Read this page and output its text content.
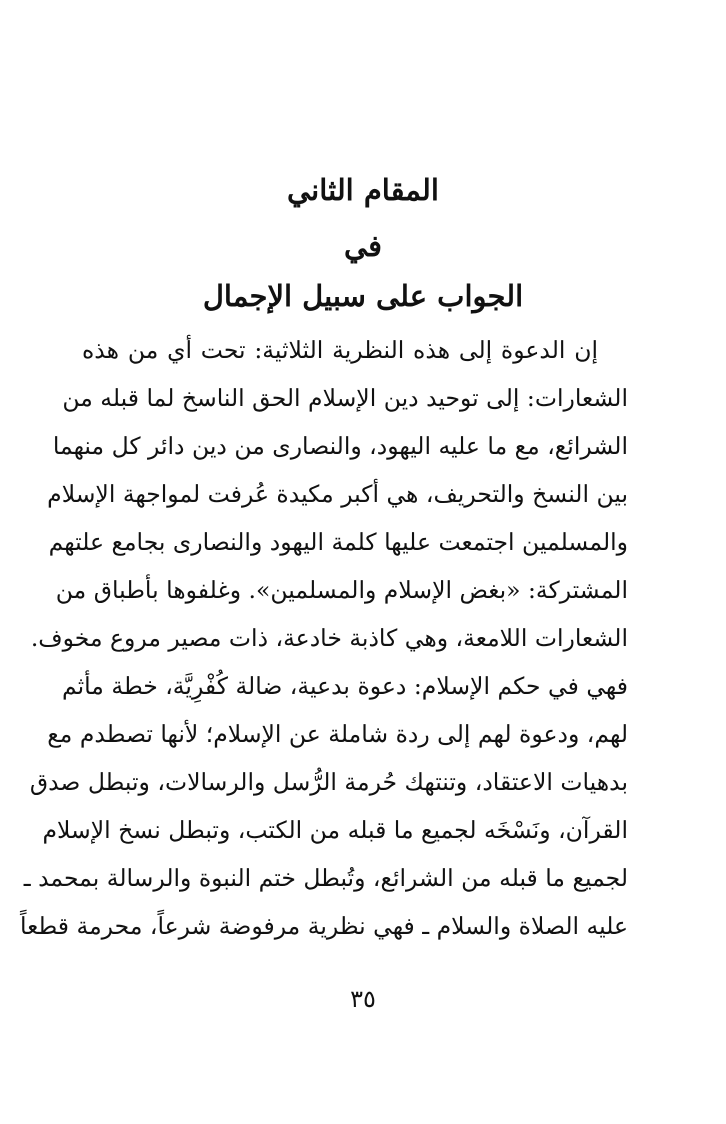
المقام الثاني
في
الجواب على سبيل الإجمال
إن الدعوة إلى هذه النظرية الثلاثية: تحت أي من هذه
الشعارات: إلى توحيد دين الإسلام الحق الناسخ لما قبله من
الشرائع، مع ما عليه اليهود، والنصارى من دين دائر كل منهما
بين النسخ والتحريف، هي أكبر مكيدة عُرفت لمواجهة الإسلام
والمسلمين اجتمعت عليها كلمة اليهود والنصارى بجامع علتهم
المشتركة: «بغض الإسلام والمسلمين». وغلفوها بأطباق من
الشعارات اللامعة، وهي كاذبة خادعة، ذات مصير مروع مخوف.
فهي في حكم الإسلام: دعوة بدعية، ضالة كُفْرِيَّة، خطة مأثم
لهم، ودعوة لهم إلى ردة شاملة عن الإسلام؛ لأنها تصطدم مع
بدهيات الاعتقاد، وتنتهك حُرمة الرُّسل والرسالات، وتبطل صدق
القرآن، ونَسْخَه لجميع ما قبله من الكتب، وتبطل نسخ الإسلام
لجميع ما قبله من الشرائع، وتُبطل ختم النبوة والرسالة بمحمد ـ
عليه الصلاة والسلام ـ فهي نظرية مرفوضة شرعاً، محرمة قطعاً
٣٥
